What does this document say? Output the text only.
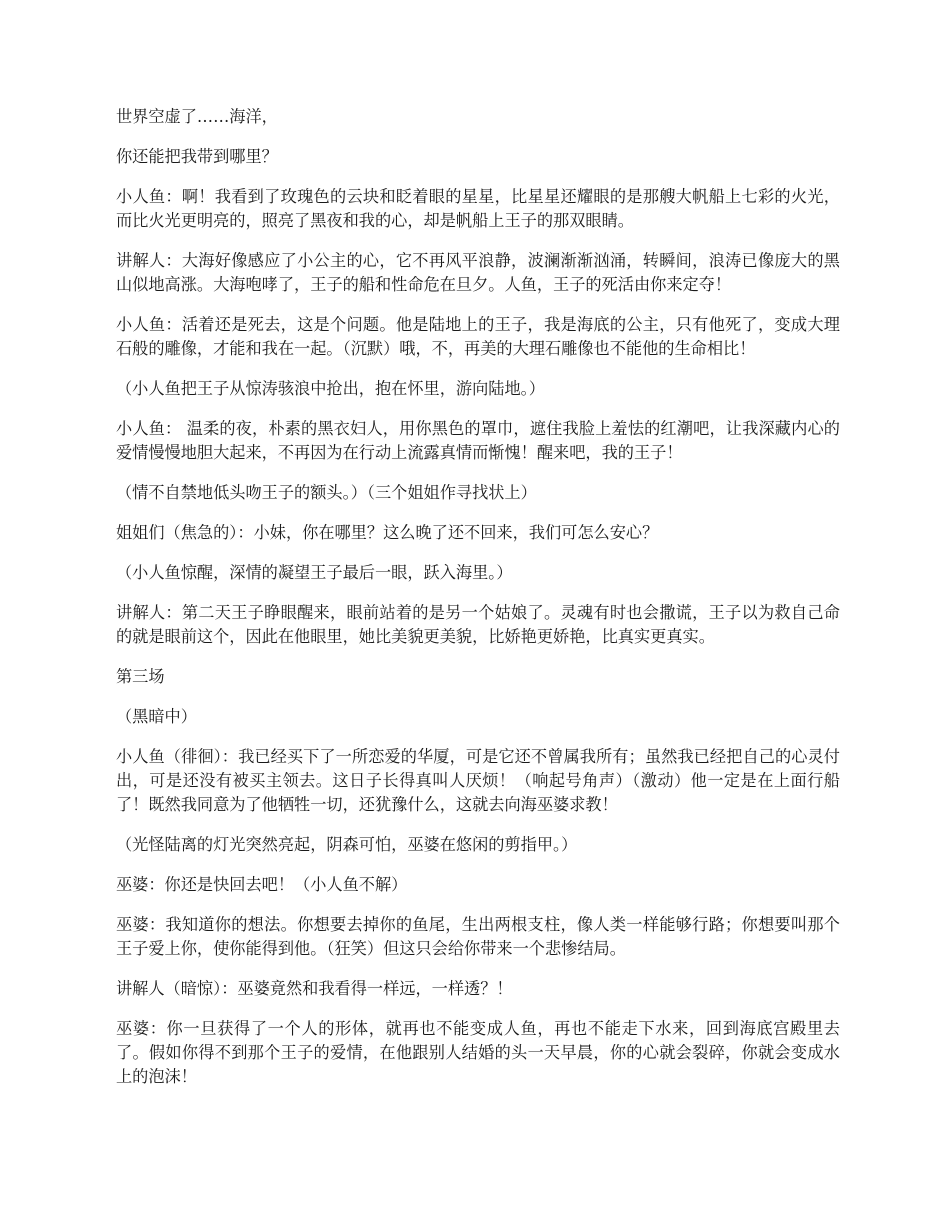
世界空虚了……海洋，

你还能把我带到哪里？

小人鱼：啊！我看到了玫瑰色的云块和眨着眼的星星，比星星还耀眼的是那艘大帆船上七彩的火光，而比火光更明亮的，照亮了黑夜和我的心，却是帆船上王子的那双眼睛。

讲解人：大海好像感应了小公主的心，它不再风平浪静，波澜渐渐汹涌，转瞬间，浪涛已像庞大的黑山似地高涨。大海咆哮了，王子的船和性命危在旦夕。人鱼，王子的死活由你来定夺！

小人鱼：活着还是死去，这是个问题。他是陆地上的王子，我是海底的公主，只有他死了，变成大理石般的雕像，才能和我在一起。（沉默）哦，不，再美的大理石雕像也不能他的生命相比！

（小人鱼把王子从惊涛骇浪中抢出，抱在怀里，游向陆地。）

小人鱼： 温柔的夜，朴素的黑衣妇人，用你黑色的罩巾，遮住我脸上羞怯的红潮吧，让我深藏内心的爱情慢慢地胆大起来，不再因为在行动上流露真情而惭愧！醒来吧，我的王子！

（情不自禁地低头吻王子的额头。）（三个姐姐作寻找状上）

姐姐们（焦急的）：小妹，你在哪里？这么晚了还不回来，我们可怎么安心？

（小人鱼惊醒，深情的凝望王子最后一眼，跃入海里。）

讲解人：第二天王子睁眼醒来，眼前站着的是另一个姑娘了。灵魂有时也会撒谎，王子以为救自己命的就是眼前这个，因此在他眼里，她比美貌更美貌，比娇艳更娇艳，比真实更真实。

第三场

（黑暗中）

小人鱼（徘徊）：我已经买下了一所恋爱的华厦，可是它还不曾属我所有；虽然我已经把自己的心灵付出，可是还没有被买主领去。这日子长得真叫人厌烦！（响起号角声）（激动）他一定是在上面行船了！既然我同意为了他牺牲一切，还犹豫什么，这就去向海巫婆求教！

（光怪陆离的灯光突然亮起，阴森可怕，巫婆在悠闲的剪指甲。）

巫婆：你还是快回去吧！（小人鱼不解）

巫婆：我知道你的想法。你想要去掉你的鱼尾，生出两根支柱，像人类一样能够行路；你想要叫那个王子爱上你，使你能得到他。（狂笑）但这只会给你带来一个悲惨结局。

讲解人（暗惊）：巫婆竟然和我看得一样远，一样透？！

巫婆：你一旦获得了一个人的形体，就再也不能变成人鱼，再也不能走下水来，回到海底宫殿里去了。假如你得不到那个王子的爱情，在他跟别人结婚的头一天早晨，你的心就会裂碎，你就会变成水上的泡沫！
